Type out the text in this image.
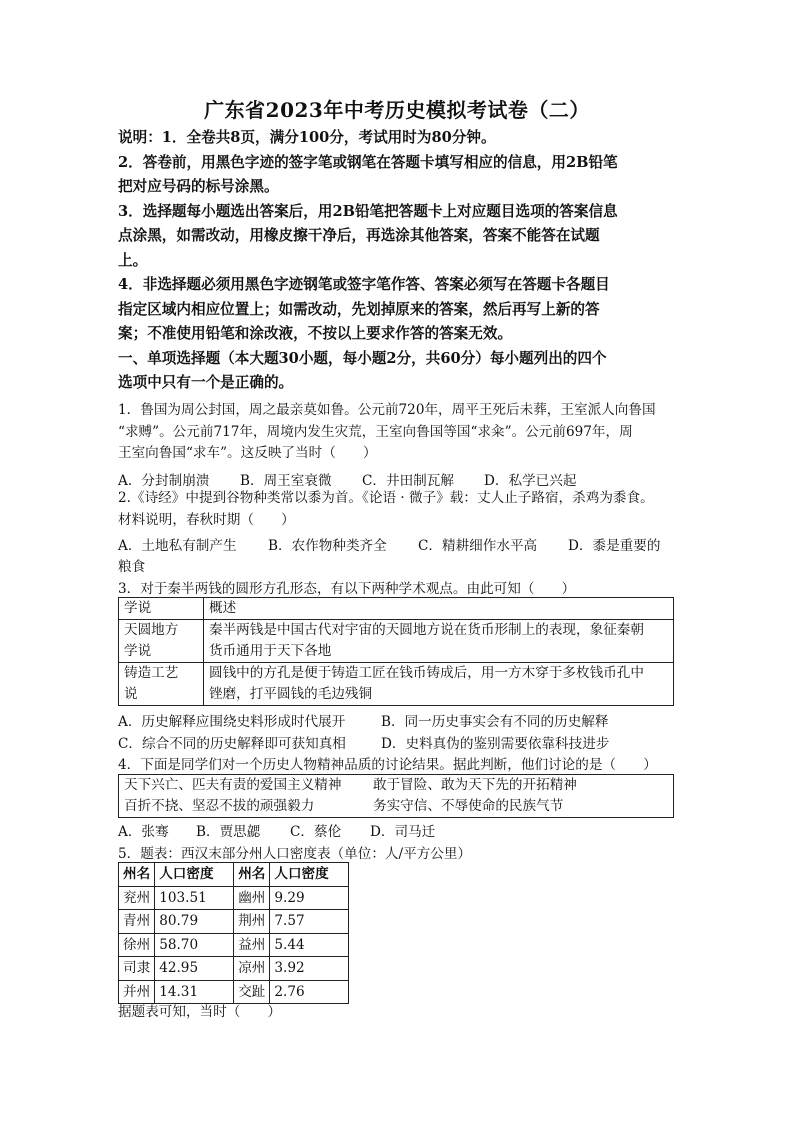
广东省2023年中考历史模拟考试卷（二）
说明：1．全卷共8页，满分100分，考试用时为80分钟。
2．答卷前，用黑色字迹的签字笔或钢笔在答题卡填写相应的信息，用2B铅笔
把对应号码的标号涂黑。
3．选择题每小题选出答案后，用2B铅笔把答题卡上对应题目选项的答案信息
点涂黑，如需改动，用橡皮擦干净后，再选涂其他答案，答案不能答在试题
上。
4．非选择题必须用黑色字迹钢笔或签字笔作答、答案必须写在答题卡各题目
指定区域内相应位置上；如需改动，先划掉原来的答案，然后再写上新的答
案；不准使用铅笔和涂改液，不按以上要求作答的答案无效。
一、单项选择题（本大题30小题，每小题2分，共60分）每小题列出的四个
选项中只有一个是正确的。
1．鲁国为周公封国，周之最亲莫如鲁。公元前720年，周平王死后未葬，王室派人向鲁国
“求赙”。公元前717年，周境内发生灾荒，王室向鲁国等国“求籴”。公元前697年，周
王室向鲁国“求车”。这反映了当时（　　）
A．分封制崩溃 B．周王室衰微 C．井田制瓦解 D．私学已兴起
2.《诗经》中提到谷物种类常以黍为首。《论语 · 微子》载：丈人止子路宿，杀鸡为黍食。
材料说明，春秋时期（　　）
A．土地私有制产生 B．农作物种类齐全 C．精耕细作水平高 D．黍是重要的
粮食
3．对于秦半两钱的圆形方孔形态，有以下两种学术观点。由此可知（　　）
学说	概述

天圆地方
学说	秦半两钱是中国古代对宇宙的天圆地方说在货币形制上的表现，象征秦朝
货币通用于天下各地

铸造工艺
说	圆钱中的方孔是便于铸造工匠在钱币铸成后，用一方木穿于多枚钱币孔中
锉磨，打平圆钱的毛边残铜
A．历史解释应围绕史料形成时代展开	B．同一历史事实会有不同的历史解释
C．综合不同的历史解释即可获知真相	D．史料真伪的鉴别需要依靠科技进步
4．下面是同学们对一个历史人物精神品质的讨论结果。据此判断，他们讨论的是（　　）
天下兴亡、匹夫有责的爱国主义精神 敢于冒险、敢为天下先的开拓精神
百折不挠、坚忍不拔的顽强毅力	务实守信、不辱使命的民族气节
A．张骞 B．贾思勰 C．蔡伦 D．司马迁
5．题表：西汉末部分州人口密度表（单位：人/平方公里）
州名	人口密度	州名	人口密度
兖州	103.51	幽州	9.29
青州	80.79	荆州	7.57
徐州	58.70	益州	5.44
司隶	42.95	凉州	3.92
并州	14.31	交趾	2.76
据题表可知，当时（　　）
